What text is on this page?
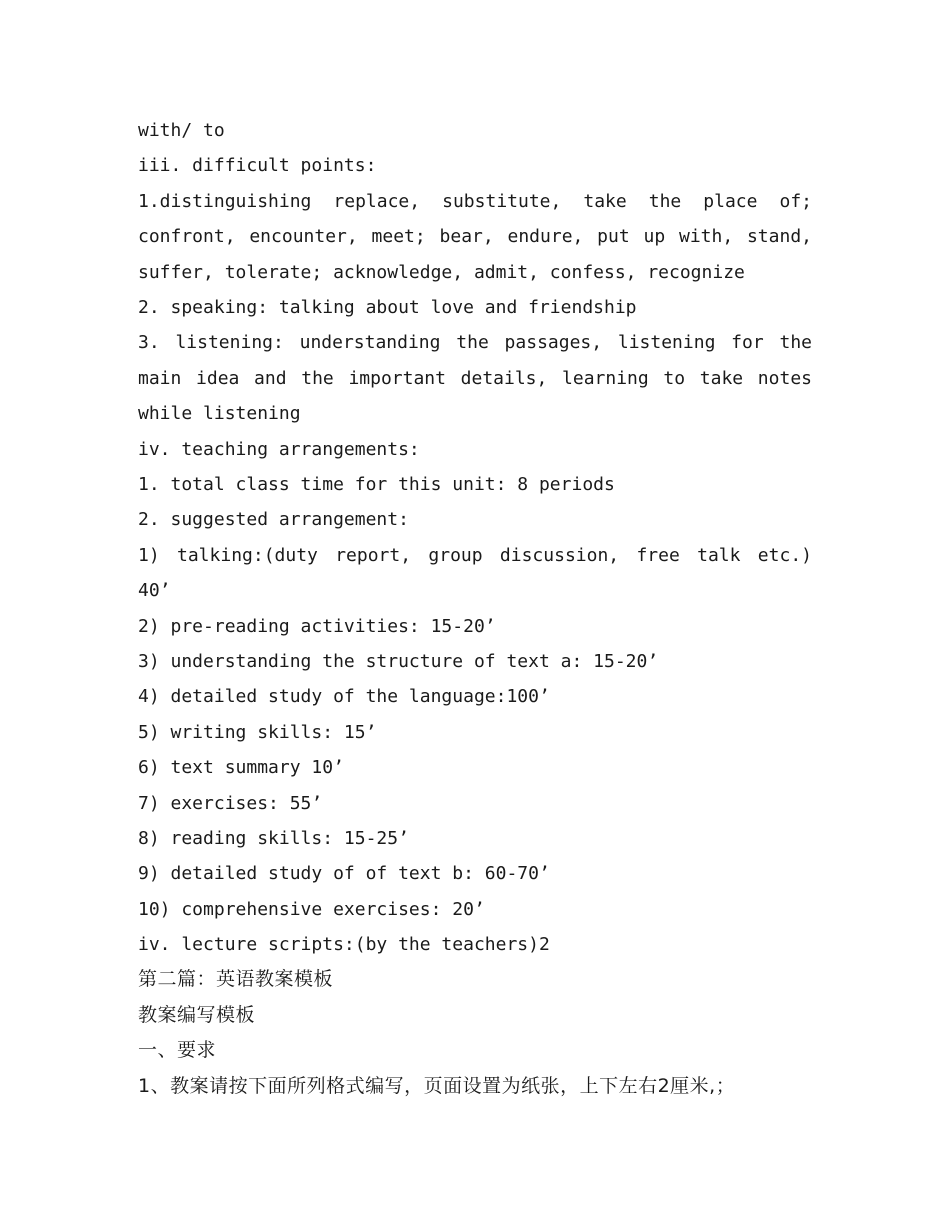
with/ to
iii. difficult points:
1.distinguishing replace, substitute, take the place of;
confront, encounter, meet; bear, endure, put up with, stand,
suffer, tolerate; acknowledge, admit, confess, recognize
2. speaking: talking about love and friendship
3. listening: understanding the passages, listening for the
main idea and the important details, learning to take notes
while listening
iv. teaching arrangements:
1. total class time for this unit: 8 periods
2. suggested arrangement:
1) talking:(duty report, group discussion, free talk etc.)
40’
2) pre-reading activities: 15-20’
3) understanding the structure of text a: 15-20’
4) detailed study of the language:100’
5) writing skills: 15’
6) text summary 10’
7) exercises: 55’
8) reading skills: 15-25’
9) detailed study of of text b: 60-70’
10) comprehensive exercises: 20’
iv. lecture scripts:(by the teachers)2
第二篇：英语教案模板
教案编写模板
一、要求
1、教案请按下面所列格式编写，页面设置为纸张，上下左右2厘米,；
